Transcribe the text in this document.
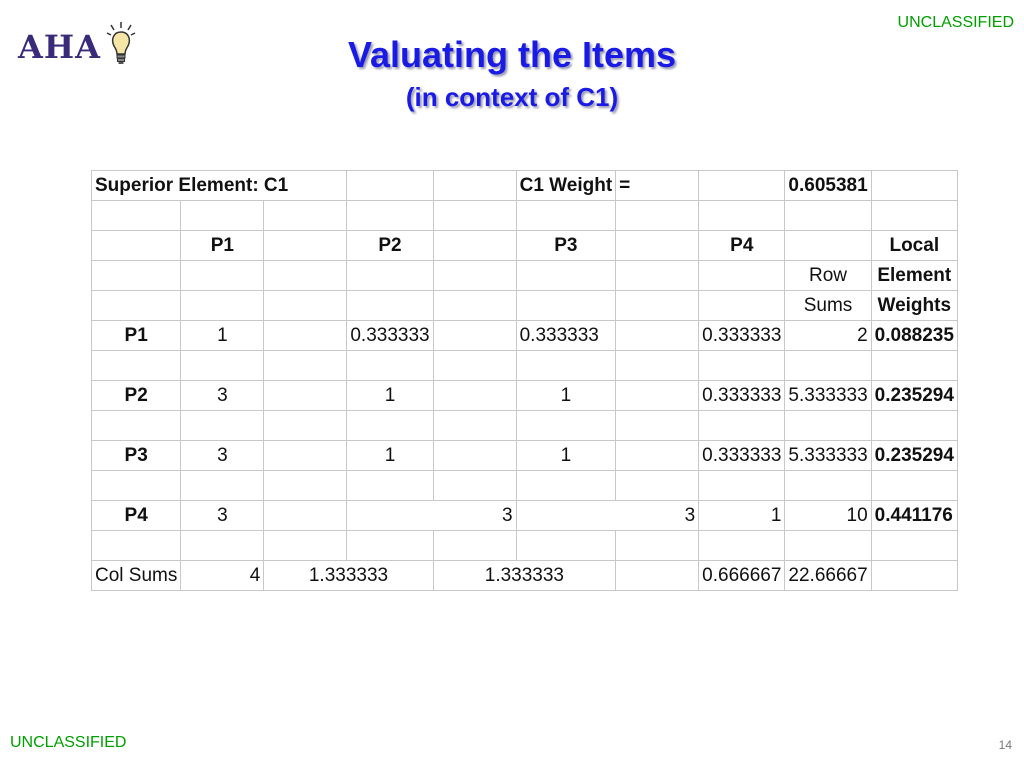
AHA
UNCLASSIFIED
Valuating the Items
(in context of C1)
Superior Element: C1					C1 Weight	=		0.605381	

	P1		P2		P3		P4		Local
								Row	Element
								Sums	Weights
P1	1		0.333333		0.333333		0.333333	2	0.088235

P2	3		1		1		0.333333	5.333333	0.235294

P3	3		1		1		0.333333	5.333333	0.235294

P4	3		3		3		1	10	0.441176

Col Sums	4	1.333333		1.333333			0.666667	22.66667	
UNCLASSIFIED	14
